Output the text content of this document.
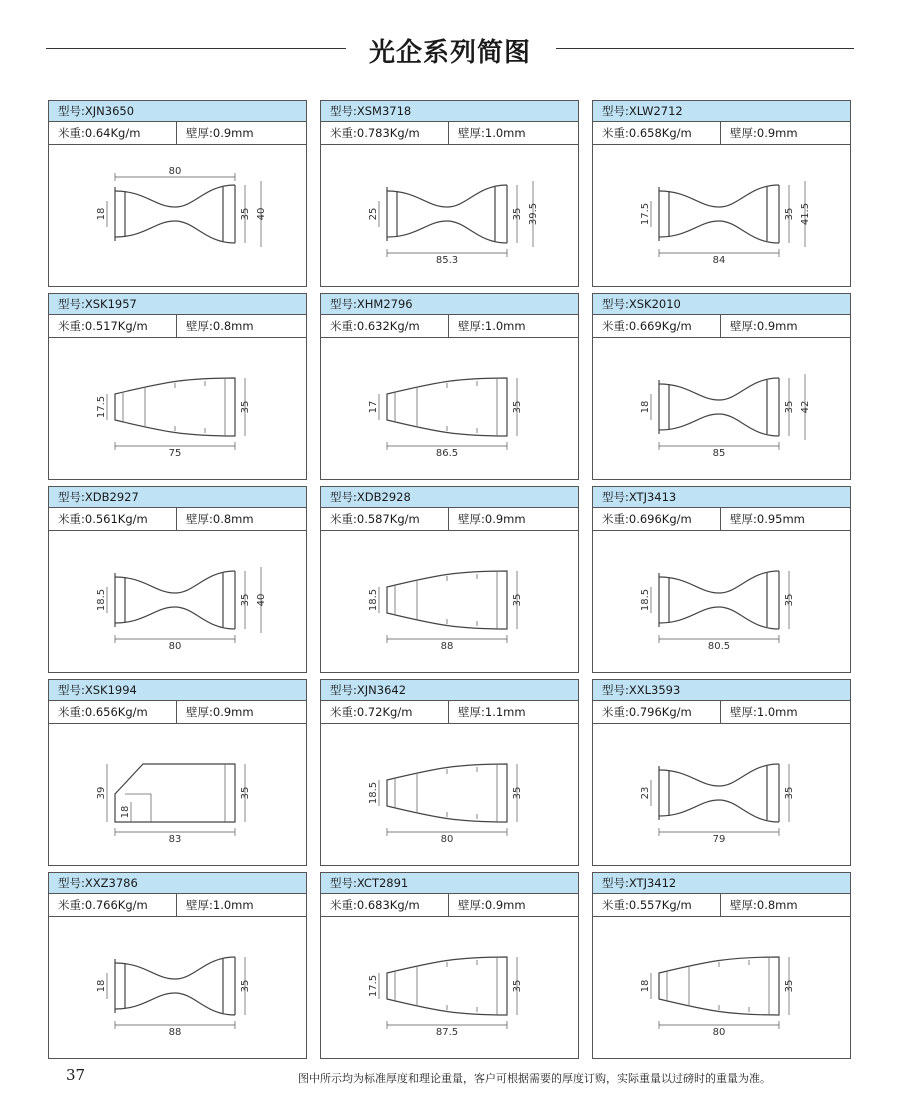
光企系列简图
型号:XJN3650
米重:0.64Kg/m	壁厚:0.9mm
80
18	35 40
型号:XSM3718
米重:0.783Kg/m	壁厚:1.0mm
85.3
25	35 39.5
型号:XLW2712
米重:0.658Kg/m	壁厚:0.9mm
84
17.5	35 41.5
型号:XSK1957
米重:0.517Kg/m	壁厚:0.8mm
75
17.5	35
型号:XHM2796
米重:0.632Kg/m	壁厚:1.0mm
86.5
17	35
型号:XSK2010
米重:0.669Kg/m	壁厚:0.9mm
85
18	35 42
型号:XDB2927
米重:0.561Kg/m	壁厚:0.8mm
80
18.5	35 40
型号:XDB2928
米重:0.587Kg/m	壁厚:0.9mm
88
18.5	35
型号:XTJ3413
米重:0.696Kg/m	壁厚:0.95mm
80.5
18.5	35
型号:XSK1994
米重:0.656Kg/m	壁厚:0.9mm
83
39
18
35
型号:XJN3642
米重:0.72Kg/m	壁厚:1.1mm
80
18.5	35
型号:XXL3593
米重:0.796Kg/m	壁厚:1.0mm
79
23	35
型号:XXZ3786
米重:0.766Kg/m	壁厚:1.0mm
88
18	35
型号:XCT2891
米重:0.683Kg/m	壁厚:0.9mm
87.5
17.5	35
型号:XTJ3412
米重:0.557Kg/m	壁厚:0.8mm
80
18	35
37	图中所示均为标准厚度和理论重量，客户可根据需要的厚度订购，实际重量以过磅时的重量为准。
